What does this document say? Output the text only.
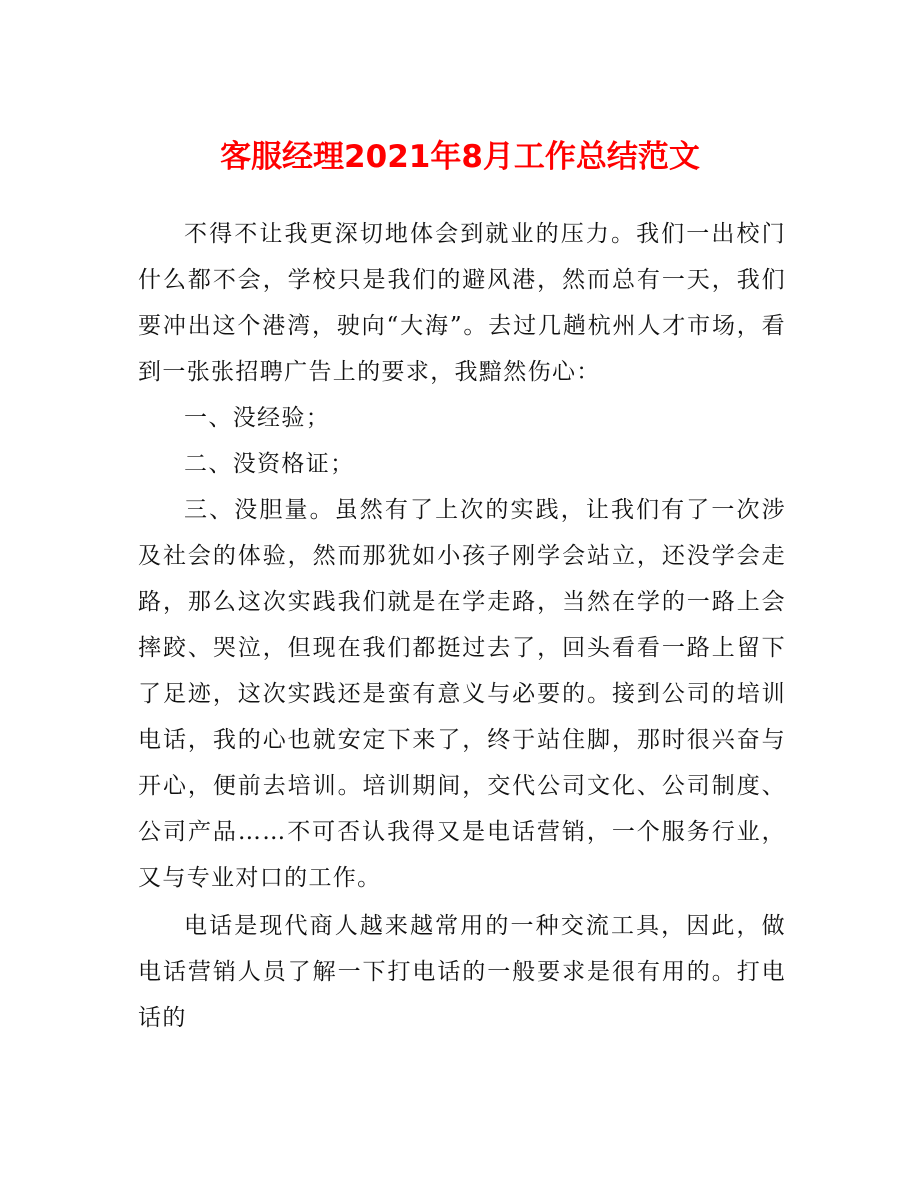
客服经理2021年8月工作总结范文

不得不让我更深切地体会到就业的压力。我们一出校门什么都不会，学校只是我们的避风港，然而总有一天，我们要冲出这个港湾，驶向“大海”。去过几趟杭州人才市场，看到一张张招聘广告上的要求，我黯然伤心：

一、没经验；

二、没资格证；

三、没胆量。虽然有了上次的实践，让我们有了一次涉及社会的体验，然而那犹如小孩子刚学会站立，还没学会走路，那么这次实践我们就是在学走路，当然在学的一路上会摔跤、哭泣，但现在我们都挺过去了，回头看看一路上留下了足迹，这次实践还是蛮有意义与必要的。接到公司的培训电话，我的心也就安定下来了，终于站住脚，那时很兴奋与开心，便前去培训。培训期间，交代公司文化、公司制度、公司产品……不可否认我得又是电话营销，一个服务行业，又与专业对口的工作。

电话是现代商人越来越常用的一种交流工具，因此，做电话营销人员了解一下打电话的一般要求是很有用的。打电话的
